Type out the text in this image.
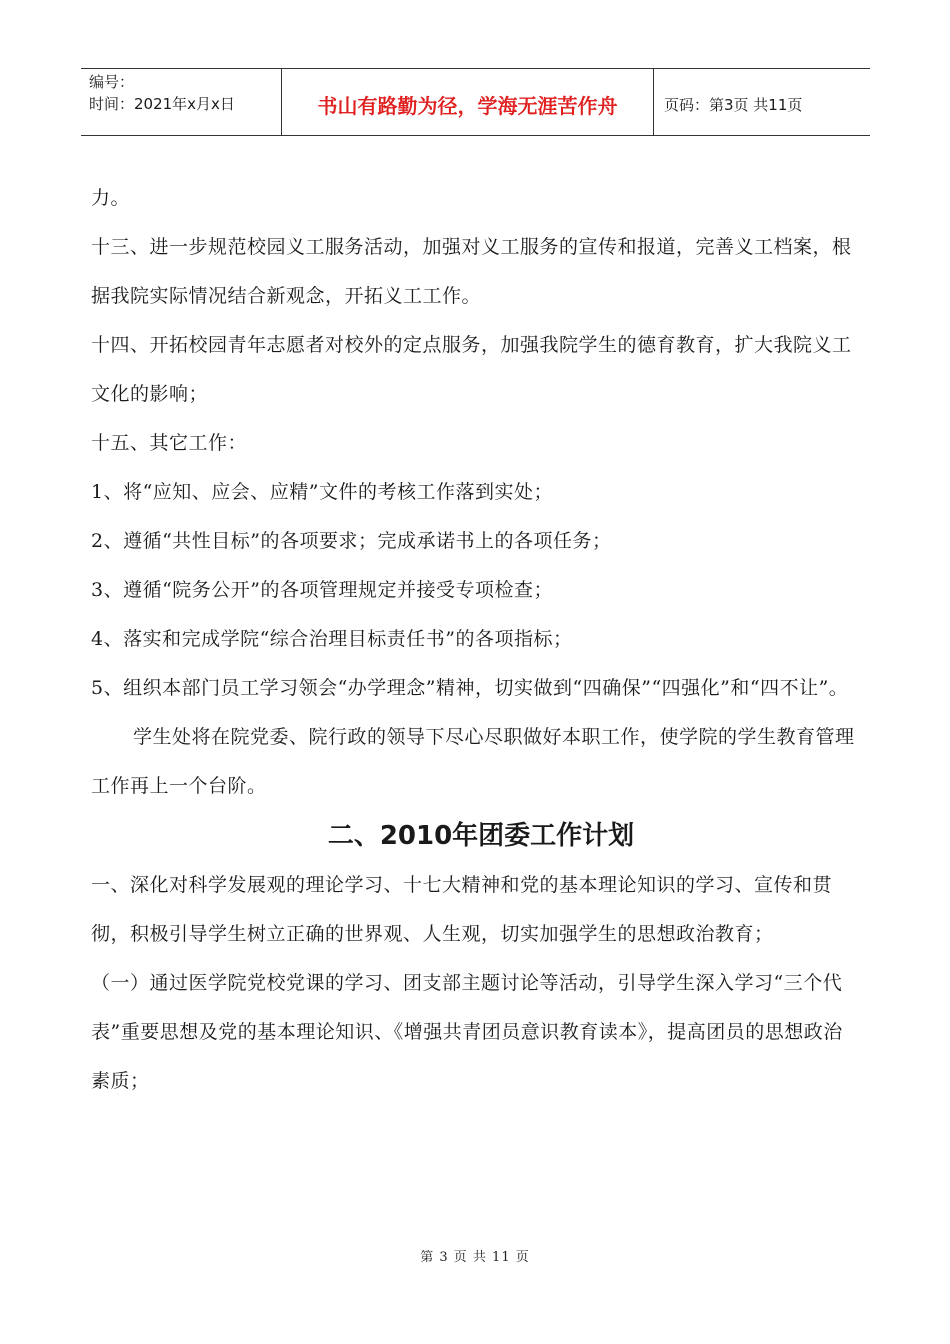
编号：
时间：2021年x月x日	书山有路勤为径，学海无涯苦作舟	页码：第3页 共11页

力。

十三、进一步规范校园义工服务活动，加强对义工服务的宣传和报道，完善义工档案，根据我院实际情况结合新观念，开拓义工工作。

十四、开拓校园青年志愿者对校外的定点服务，加强我院学生的德育教育，扩大我院义工文化的影响；

十五、其它工作：

1、将“应知、应会、应精”文件的考核工作落到实处；

2、遵循“共性目标”的各项要求；完成承诺书上的各项任务；

3、遵循“院务公开”的各项管理规定并接受专项检查；

4、落实和完成学院“综合治理目标责任书”的各项指标；

5、组织本部门员工学习领会“办学理念”精神，切实做到“四确保”“四强化”和“四不让”。

学生处将在院党委、院行政的领导下尽心尽职做好本职工作，使学院的学生教育管理工作再上一个台阶。

二、2010年团委工作计划

一、深化对科学发展观的理论学习、十七大精神和党的基本理论知识的学习、宣传和贯彻，积极引导学生树立正确的世界观、人生观，切实加强学生的思想政治教育；

（一）通过医学院党校党课的学习、团支部主题讨论等活动，引导学生深入学习“三个代表”重要思想及党的基本理论知识、《增强共青团员意识教育读本》，提高团员的思想政治素质；

第 3 页 共 11 页
